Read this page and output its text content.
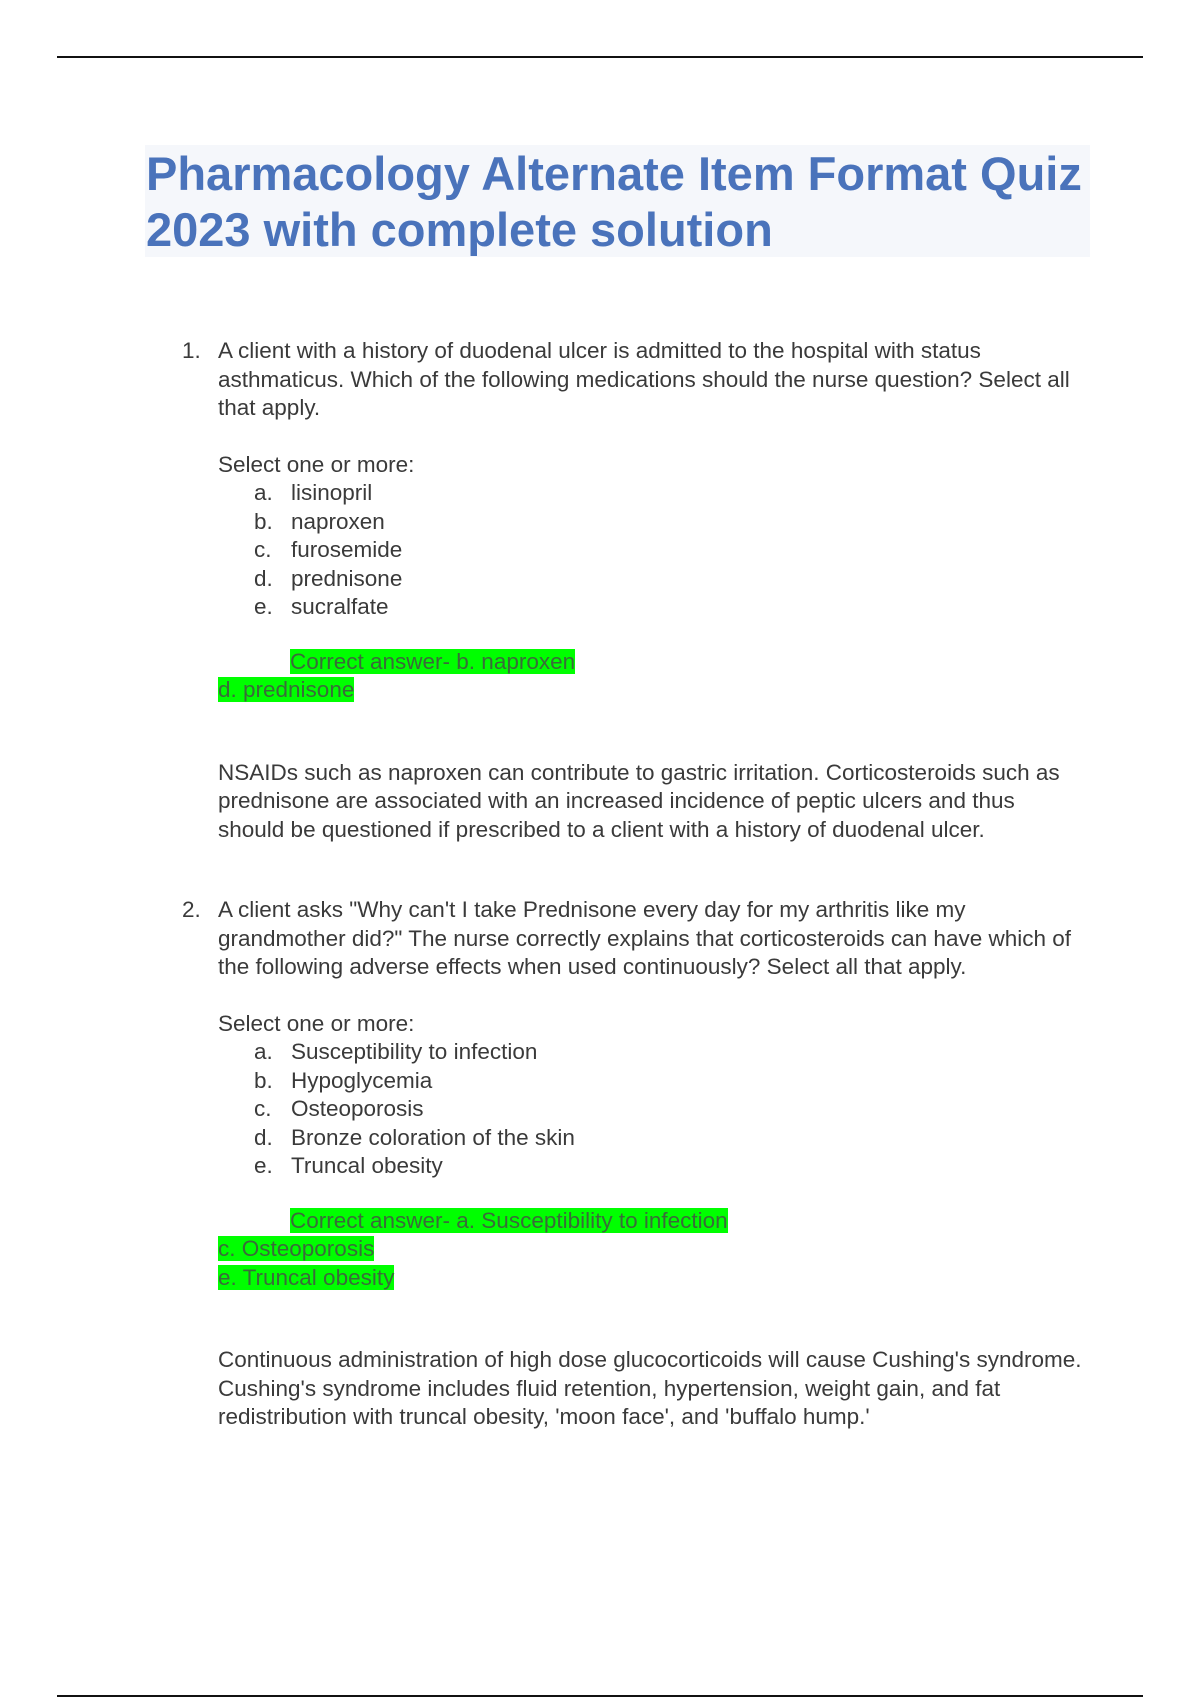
Pharmacology Alternate Item Format Quiz 2023 with complete solution
1. A client with a history of duodenal ulcer is admitted to the hospital with status asthmaticus. Which of the following medications should the nurse question? Select all that apply.

Select one or more:

a. lisinopril
b. naproxen
c. furosemide
d. prednisone
e. sucralfate
Correct answer- b. naproxen
d. prednisone

NSAIDs such as naproxen can contribute to gastric irritation. Corticosteroids such as prednisone are associated with an increased incidence of peptic ulcers and thus should be questioned if prescribed to a client with a history of duodenal ulcer.

2. A client asks "Why can't I take Prednisone every day for my arthritis like my grandmother did?" The nurse correctly explains that corticosteroids can have which of the following adverse effects when used continuously? Select all that apply.

Select one or more:

a. Susceptibility to infection
b. Hypoglycemia
c. Osteoporosis
d. Bronze coloration of the skin
e. Truncal obesity
Correct answer- a. Susceptibility to infection
c. Osteoporosis
e. Truncal obesity

Continuous administration of high dose glucocorticoids will cause Cushing's syndrome. Cushing's syndrome includes fluid retention, hypertension, weight gain, and fat redistribution with truncal obesity, 'moon face', and 'buffalo hump.'
